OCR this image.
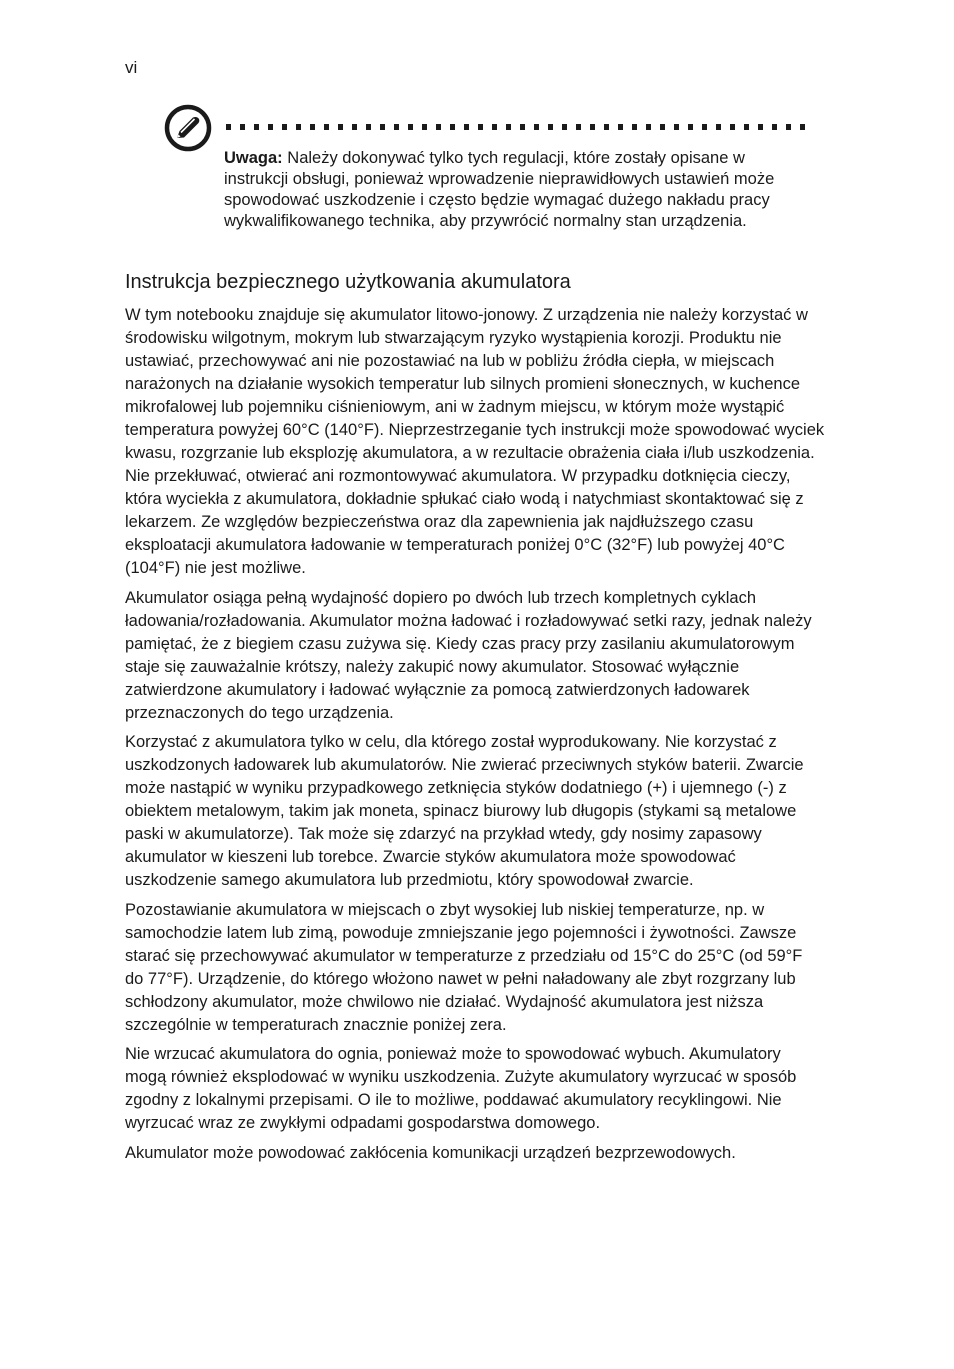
vi

Uwaga: Należy dokonywać tylko tych regulacji, które zostały opisane w instrukcji obsługi, ponieważ wprowadzenie nieprawidłowych ustawień może spowodować uszkodzenie i często będzie wymagać dużego nakładu pracy wykwalifikowanego technika, aby przywrócić normalny stan urządzenia.

Instrukcja bezpiecznego użytkowania akumulatora

W tym notebooku znajduje się akumulator litowo-jonowy. Z urządzenia nie należy korzystać w środowisku wilgotnym, mokrym lub stwarzającym ryzyko wystąpienia korozji. Produktu nie ustawiać, przechowywać ani nie pozostawiać na lub w pobliżu źródła ciepła, w miejscach narażonych na działanie wysokich temperatur lub silnych promieni słonecznych, w kuchence mikrofalowej lub pojemniku ciśnieniowym, ani w żadnym miejscu, w którym może wystąpić temperatura powyżej 60°C (140°F). Nieprzestrzeganie tych instrukcji może spowodować wyciek kwasu, rozgrzanie lub eksplozję akumulatora, a w rezultacie obrażenia ciała i/lub uszkodzenia. Nie przekłuwać, otwierać ani rozmontowywać akumulatora. W przypadku dotknięcia cieczy, która wyciekła z akumulatora, dokładnie spłukać ciało wodą i natychmiast skontaktować się z lekarzem. Ze względów bezpieczeństwa oraz dla zapewnienia jak najdłuższego czasu eksploatacji akumulatora ładowanie w temperaturach poniżej 0°C (32°F) lub powyżej 40°C (104°F) nie jest możliwe.

Akumulator osiąga pełną wydajność dopiero po dwóch lub trzech kompletnych cyklach ładowania/rozładowania. Akumulator można ładować i rozładowywać setki razy, jednak należy pamiętać, że z biegiem czasu zużywa się. Kiedy czas pracy przy zasilaniu akumulatorowym staje się zauważalnie krótszy, należy zakupić nowy akumulator. Stosować wyłącznie zatwierdzone akumulatory i ładować wyłącznie za pomocą zatwierdzonych ładowarek przeznaczonych do tego urządzenia.

Korzystać z akumulatora tylko w celu, dla którego został wyprodukowany. Nie korzystać z uszkodzonych ładowarek lub akumulatorów. Nie zwierać przeciwnych styków baterii. Zwarcie może nastąpić w wyniku przypadkowego zetknięcia styków dodatniego (+) i ujemnego (-) z obiektem metalowym, takim jak moneta, spinacz biurowy lub długopis (stykami są metalowe paski w akumulatorze). Tak może się zdarzyć na przykład wtedy, gdy nosimy zapasowy akumulator w kieszeni lub torebce. Zwarcie styków akumulatora może spowodować uszkodzenie samego akumulatora lub przedmiotu, który spowodował zwarcie.

Pozostawianie akumulatora w miejscach o zbyt wysokiej lub niskiej temperaturze, np. w samochodzie latem lub zimą, powoduje zmniejszanie jego pojemności i żywotności. Zawsze starać się przechowywać akumulator w temperaturze z przedziału od 15°C do 25°C (od 59°F do 77°F). Urządzenie, do którego włożono nawet w pełni naładowany ale zbyt rozgrzany lub schłodzony akumulator, może chwilowo nie działać. Wydajność akumulatora jest niższa szczególnie w temperaturach znacznie poniżej zera.

Nie wrzucać akumulatora do ognia, ponieważ może to spowodować wybuch. Akumulatory mogą również eksplodować w wyniku uszkodzenia. Zużyte akumulatory wyrzucać w sposób zgodny z lokalnymi przepisami. O ile to możliwe, poddawać akumulatory recyklingowi. Nie wyrzucać wraz ze zwykłymi odpadami gospodarstwa domowego.

Akumulator może powodować zakłócenia komunikacji urządzeń bezprzewodowych.
